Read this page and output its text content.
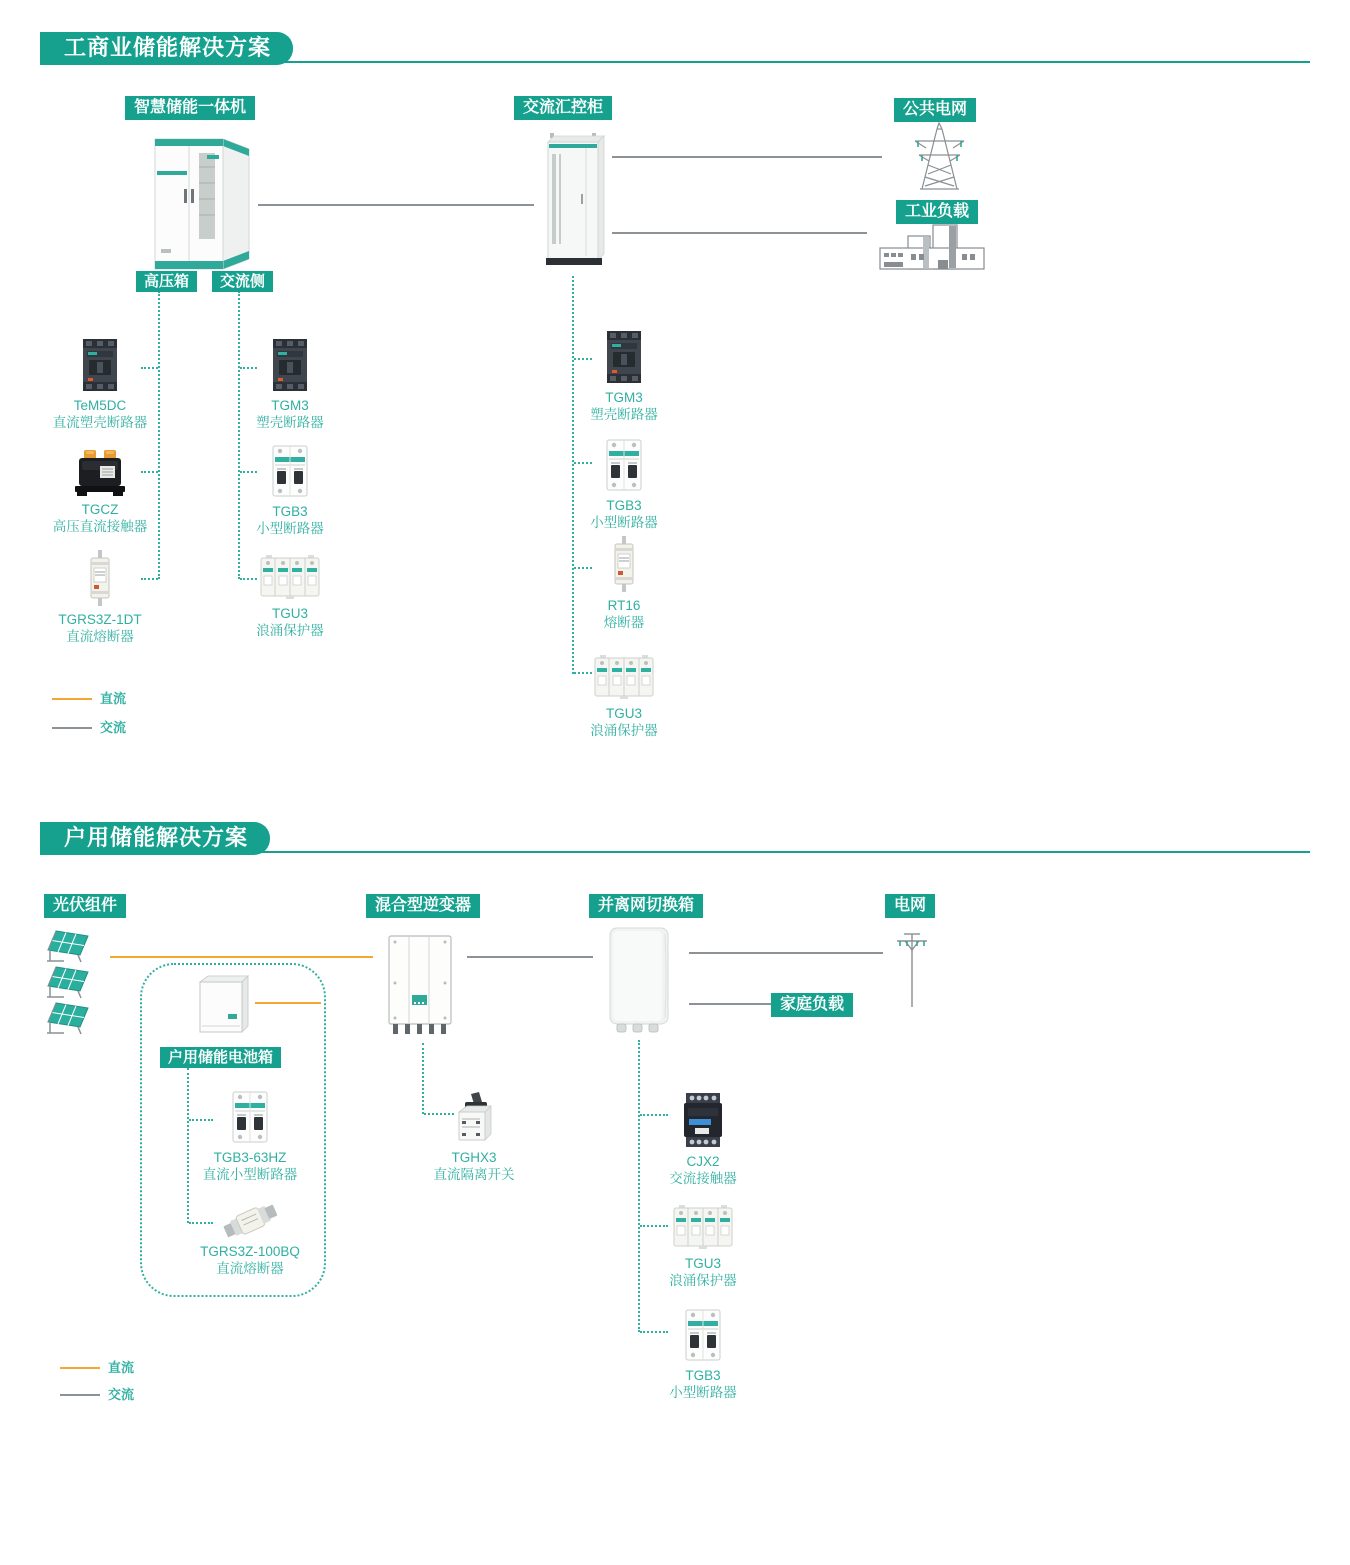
工商业储能解决方案
智慧储能一体机	交流汇控柜	公共电网
工业负载
高压箱	交流侧
TeM5DC
直流塑壳断路器
TGCZ
高压直流接触器
TGRS3Z-1DT
直流熔断器
TGM3
塑壳断路器
TGB3
小型断路器
TGU3
浪涌保护器
TGM3
塑壳断路器
TGB3
小型断路器
RT16
熔断器
TGU3
浪涌保护器
直流
交流
户用储能解决方案
光伏组件	混合型逆变器	并离网切换箱	电网
家庭负载
户用储能电池箱
TGB3-63HZ
直流小型断路器
TGRS3Z-100BQ
直流熔断器
TGHX3
直流隔离开关
CJX2
交流接触器
TGU3
浪涌保护器
TGB3
小型断路器
直流
交流
